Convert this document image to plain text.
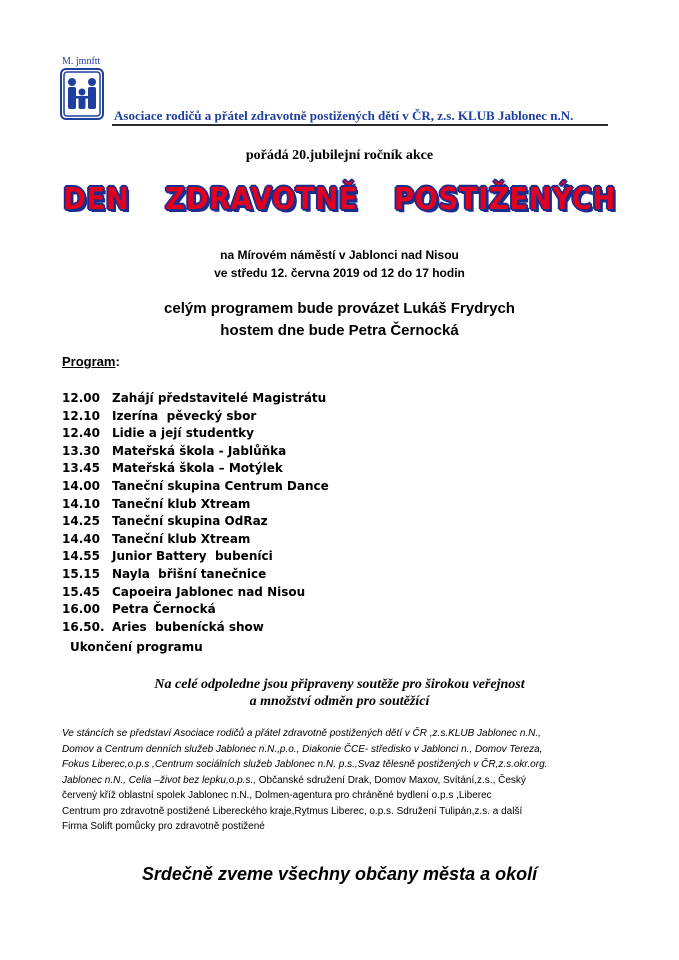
M. jmnftt
Asociace rodičů a přátel zdravotně postižených dětí v ČR, z.s. KLUB Jablonec n.N.
pořádá 20.jubilejní ročník akce
DEN ZDRAVOTNĚ POSTIŽENÝCH
na Mírovém náměstí v Jablonci nad Nisou
ve středu 12. června 2019 od 12 do 17 hodin
celým programem bude provázet Lukáš Frydrych
hostem dne bude Petra Černocká
Program:
12.00 Zahájí představitelé Magistrátu
12.10 Izerína  pěvecký sbor
12.40 Lidie a její studentky
13.30 Mateřská škola - Jablůňka
13.45 Mateřská škola – Motýlek
14.00 Taneční skupina Centrum Dance
14.10 Taneční klub Xtream
14.25 Taneční skupina OdRaz
14.40 Taneční klub Xtream
14.55 Junior Battery  bubeníci
15.15 Nayla  břišní tanečnice
15.45 Capoeira Jablonec nad Nisou
16.00 Petra Černocká
16.50. Aries  bubenícká show
Ukončení programu
Na celé odpoledne jsou připraveny soutěže pro širokou veřejnost
a množství odměn pro soutěžící
Ve stáncích se představí Asociace rodičů a přátel zdravotně postižených dětí v ČR ,z.s.KLUB Jablonec n.N.,
Domov a Centrum denních služeb Jablonec n.N.,p.o., Diakonie ČCE- středisko v Jablonci n., Domov Tereza,
Fokus Liberec,o.p.s ,Centrum sociálních služeb Jablonec n.N. p.s.,Svaz tělesně postižených v ČR,z.s.okr.org.
Jablonec n.N., Celia –život bez lepku,o.p.s., Občanské sdružení Drak, Domov Maxov, Svítání,z.s., Český
červený kříž oblastní spolek Jablonec n.N., Dolmen-agentura pro chráněné bydlení o.p.s ,Liberec
Centrum pro zdravotně postižené Libereckého kraje,Rytmus Liberec, o.p.s. Sdružení Tulipán,z.s. a další
Firma Solift pomůcky pro zdravotně postižené
Srdečně zveme všechny občany města a okolí
